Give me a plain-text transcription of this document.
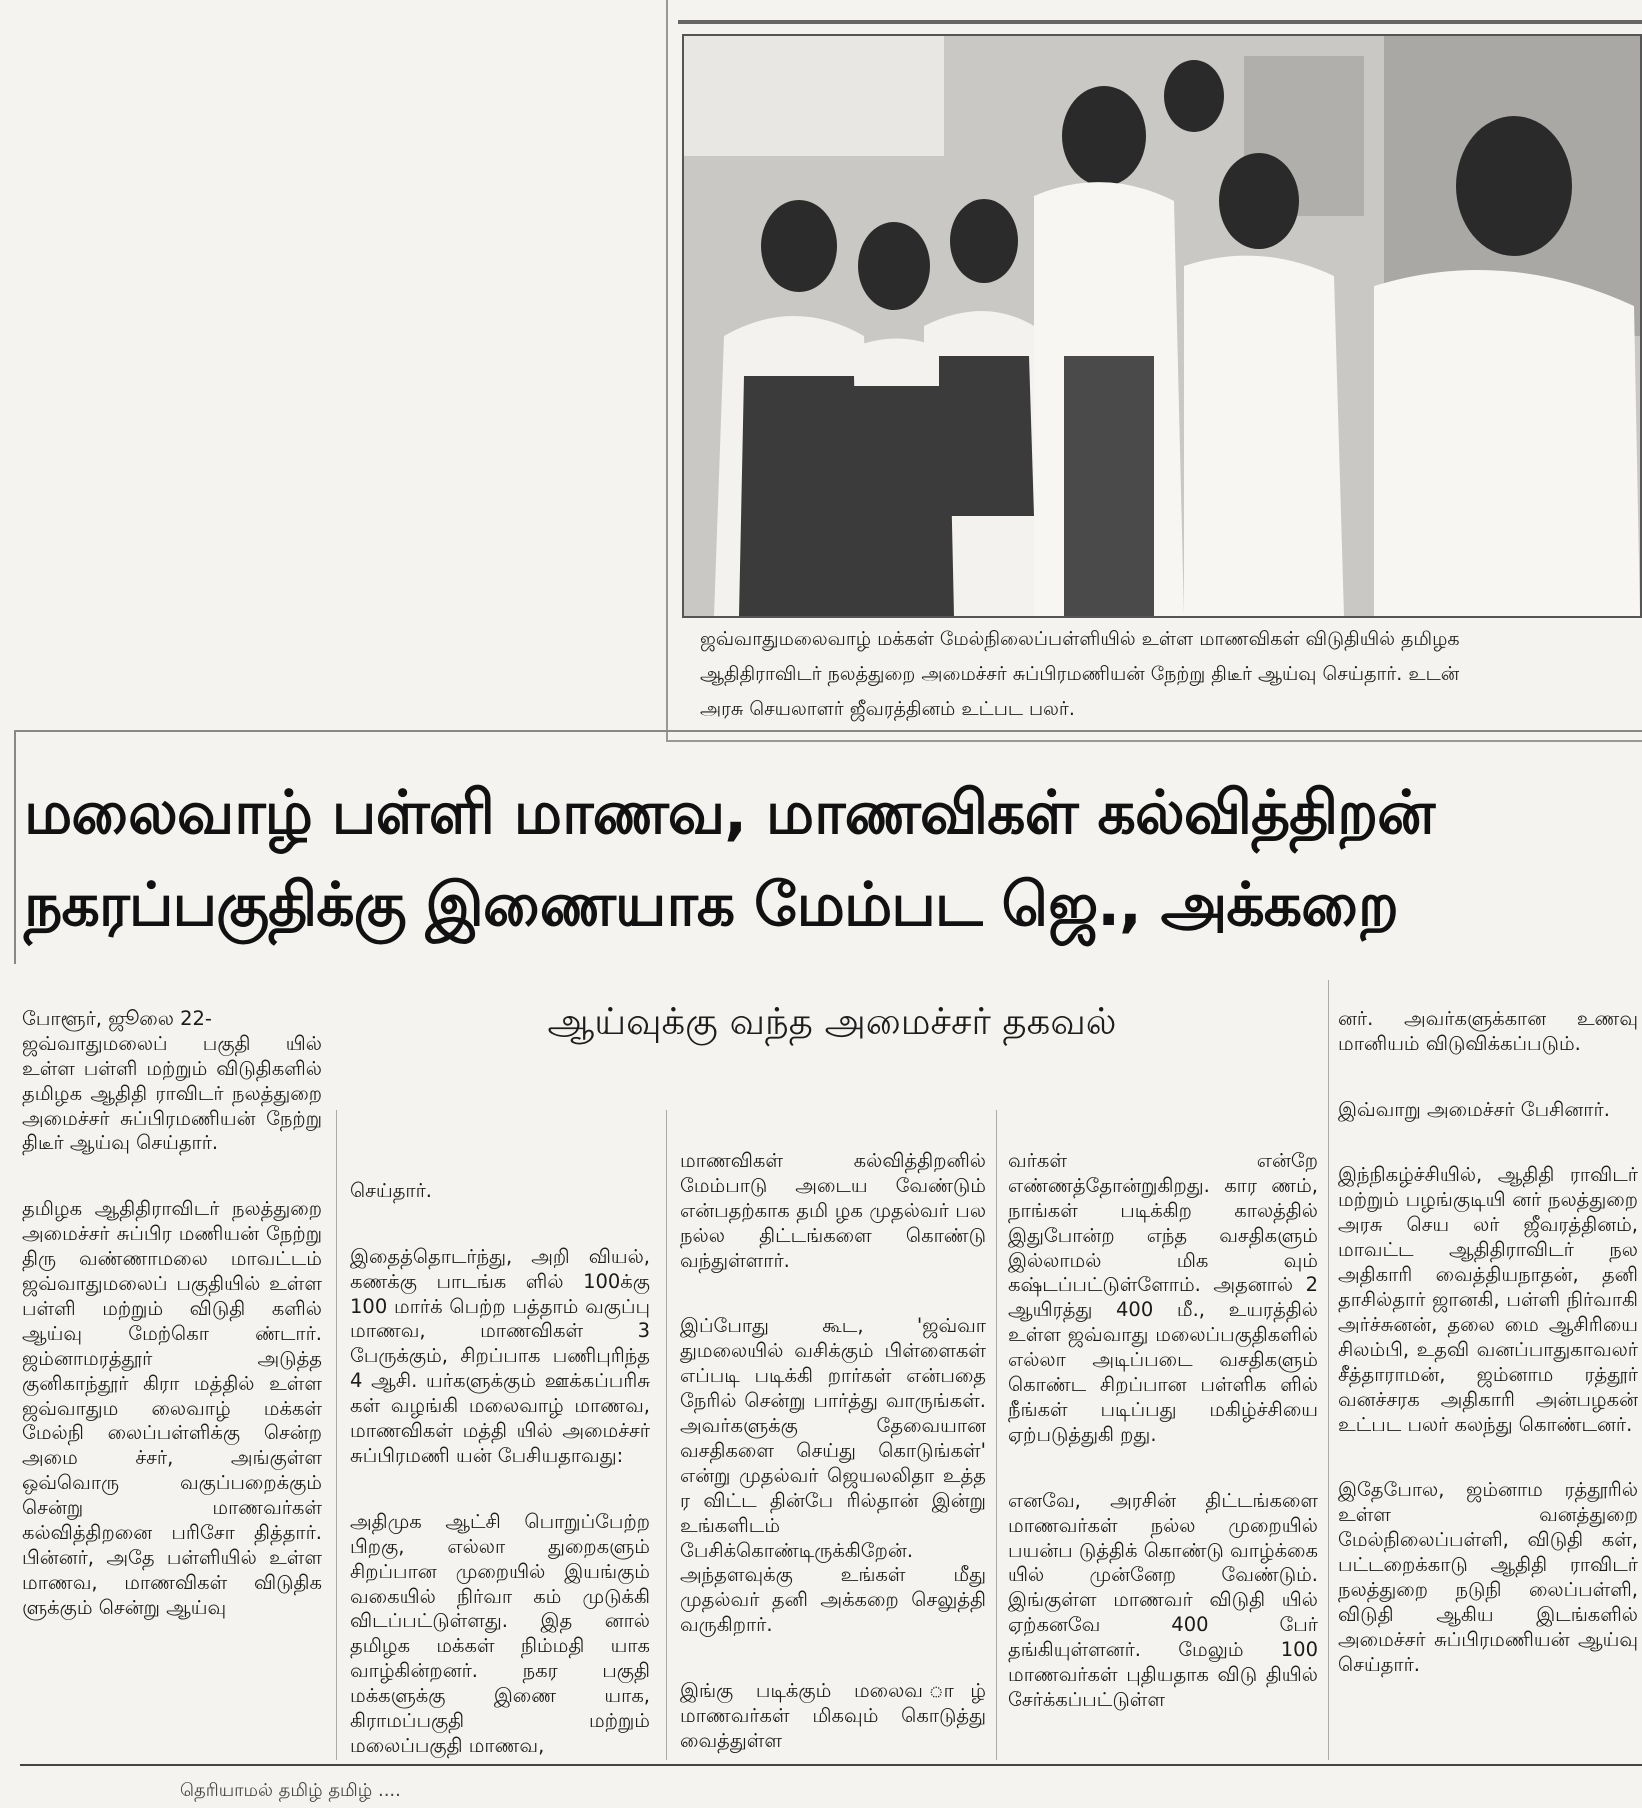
ஜவ்வாதுமலைவாழ் மக்கள் மேல்நிலைப்பள்ளியில் உள்ள மாணவிகள் விடுதியில் தமிழக
ஆதிதிராவிடர் நலத்துறை அமைச்சர் சுப்பிரமணியன் நேற்று திடீர் ஆய்வு செய்தார். உடன்
அரசு செயலாளர் ஜீவரத்தினம் உட்பட பலர்.
மலைவாழ் பள்ளி மாணவ, மாணவிகள் கல்வித்திறன்
நகரப்பகுதிக்கு இணையாக மேம்பட ஜெ., அக்கறை
ஆய்வுக்கு வந்த அமைச்சர் தகவல்

போளூர், ஜூலை 22-
ஜவ்வாதுமலைப் பகுதி யில் உள்ள பள்ளி மற்றும் விடுதிகளில் தமிழக ஆதிதி ராவிடர் நலத்துறை அமைச்சர் சுப்பிரமணியன் நேற்று திடீர் ஆய்வு செய்தார்.

தமிழக ஆதிதிராவிடர் நலத்துறை அமைச்சர் சுப்பிர மணியன் நேற்று திரு வண்ணாமலை மாவட்டம் ஜவ்வாதுமலைப் பகுதியில் உள்ள பள்ளி மற்றும் விடுதி களில் ஆய்வு மேற்கொ ண்டார். ஜம்னாமரத்தூர் அடுத்த குனிகாந்தூர் கிரா மத்தில் உள்ள ஜவ்வாதும லைவாழ் மக்கள் மேல்நி லைப்பள்ளிக்கு சென்ற அமை ச்சர், அங்குள்ள ஒவ்வொரு வகுப்பறைக்கும் சென்று மாணவர்கள் கல்வித்திறனை பரிசோ தித்தார். பின்னர், அதே பள்ளியில் உள்ள மாணவ, மாணவிகள் விடுதிக ளுக்கும் சென்று ஆய்வு

செய்தார்.

இதைத்தொடர்ந்து, அறி வியல், கணக்கு பாடங்க ளில் 100க்கு 100 மார்க் பெற்ற பத்தாம் வகுப்பு மாணவ, மாணவிகள் 3 பேருக்கும், சிறப்பாக பணிபுரிந்த 4 ஆசி. யர்களுக்கும் ஊக்கப்பரிசு கள் வழங்கி மலைவாழ் மாணவ, மாணவிகள் மத்தி யில் அமைச்சர் சுப்பிரமணி யன் பேசியதாவது:

அதிமுக ஆட்சி பொறுப்பேற்ற பிறகு, எல்லா துறைகளும் சிறப்பான முறையில் இயங்கும் வகையில் நிர்வா கம் முடுக்கி விடப்பட்டுள்ளது. இத னால் தமிழக மக்கள் நிம்மதி யாக வாழ்கின்றனர். நகர பகுதி மக்களுக்கு இணை யாக, கிராமப்பகுதி மற்றும் மலைப்பகுதி மாணவ,

மாணவிகள் கல்வித்திறனில் மேம்பாடு அடைய வேண்டும் என்பதற்காக தமி ழக முதல்வர் பல நல்ல திட்டங்களை கொண்டு வந்துள்ளார்.

இப்போது கூட, 'ஜவ்வா துமலையில் வசிக்கும் பிள்ளைகள் எப்படி படிக்கி றார்கள் என்பதை நேரில் சென்று பார்த்து வாருங்கள். அவர்களுக்கு தேவையான வசதிகளை செய்து கொடுங்கள்' என்று முதல்வர் ஜெயலலிதா உத்த ர விட்ட தின்பே ரில்தான் இன்று உங்களிடம் பேசிக்கொண்டிருக்கிறேன். அந்தளவுக்கு உங்கள் மீது முதல்வர் தனி அக்கறை செலுத்தி வருகிறார்.

இங்கு படிக்கும் மலைவ ாழ் மாணவர்கள் மிகவும் கொடுத்து வைத்துள்ள

வர்கள் என்றே எண்ணத்தோன்றுகிறது. கார ணம், நாங்கள் படிக்கிற காலத்தில் இதுபோன்ற எந்த வசதிகளும் இல்லாமல் மிக வும் கஷ்டப்பட்டுள்ளோம். அதனால் 2 ஆயிரத்து 400 மீ., உயரத்தில் உள்ள ஜவ்வாது மலைப்பகுதிகளில் எல்லா அடிப்படை வசதிகளும் கொண்ட சிறப்பான பள்ளிக ளில் நீங்கள் படிப்பது மகிழ்ச்சியை ஏற்படுத்துகி றது.

எனவே, அரசின் திட்டங்களை மாணவர்கள் நல்ல முறையில் பயன்ப டுத்திக் கொண்டு வாழ்க்கை யில் முன்னேற வேண்டும். இங்குள்ள மாணவர் விடுதி யில் ஏற்கனவே 400 பேர் தங்கியுள்ளனர். மேலும் 100 மாணவர்கள் புதியதாக விடு தியில் சேர்க்கப்பட்டுள்ள

னர். அவர்களுக்கான உணவு மானியம் விடுவிக்கப்படும்.

இவ்வாறு அமைச்சர் பேசினார்.

இந்நிகழ்ச்சியில், ஆதிதி ராவிடர் மற்றும் பழங்குடியி னர் நலத்துறை அரசு செய லர் ஜீவரத்தினம், மாவட்ட ஆதிதிராவிடர் நல அதிகாரி வைத்தியநாதன், தனி தாசில்தார் ஜானகி, பள்ளி நிர்வாகி அர்ச்சுனன், தலை மை ஆசிரியை சிலம்பி, உதவி வனப்பாதுகாவலர் சீத்தாராமன், ஜம்னாம ரத்தூர் வனச்சரக அதிகாரி அன்பழகன் உட்பட பலர் கலந்து கொண்டனர்.

இதேபோல, ஜம்னாம ரத்தூரில் உள்ள வனத்துறை மேல்நிலைப்பள்ளி, விடுதி கள், பட்டறைக்காடு ஆதிதி ராவிடர் நலத்துறை நடுநி லைப்பள்ளி, விடுதி ஆகிய இடங்களில் அமைச்சர் சுப்பிரமணியன் ஆய்வு செய்தார்.

தெரியாமல் தமிழ் தமிழ் ....
